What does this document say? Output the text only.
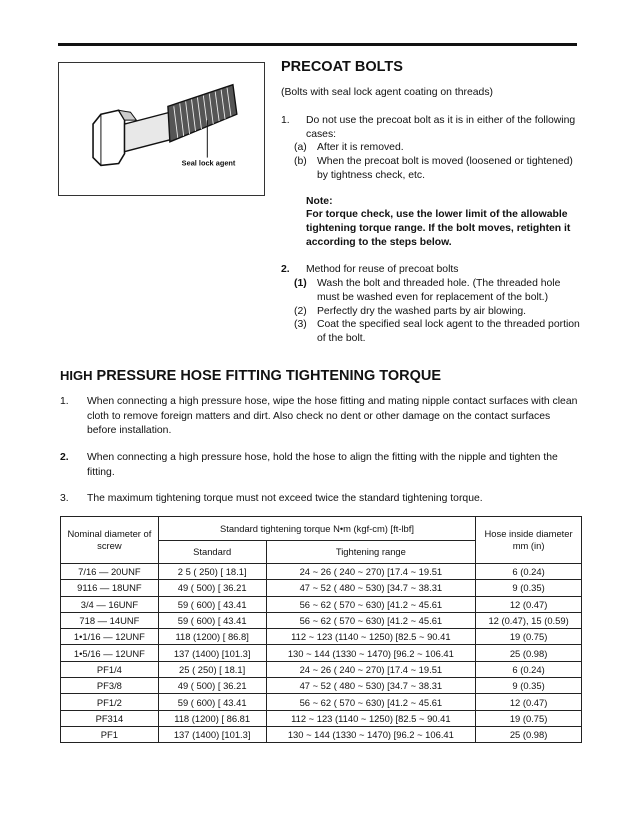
Seal lock agent
PRECOAT BOLTS
(Bolts with seal lock agent coating on threads)
1.	Do not use the precoat bolt as it is in either of the following cases:
(a) After it is removed.
(b) When the precoat bolt is moved (loosened or tightened) by tightness check, etc.

Note:

For torque check, use the lower limit of the allowable tightening torque range. If the bolt moves, retighten it according to the steps below.

2.	Method for reuse of precoat bolts
(1) Wash the bolt and threaded hole. (The threaded hole must be washed even for replacement of the bolt.)
(2) Perfectly dry the washed parts by air blowing.
(3) Coat the specified seal lock agent to the threaded portion of the bolt.
HIGH PRESSURE HOSE FITTING TIGHTENING TORQUE
1.	When connecting a high pressure hose, wipe the hose fitting and mating nipple contact surfaces with clean cloth to remove foreign matters and dirt. Also check no dent or other damage on the contact surfaces before installation.
2.	When connecting a high pressure hose, hold the hose to align the fitting with the nipple and tighten the fitting.
3.	The maximum tightening torque must not exceed twice the standard tightening torque.
Nominal diameter of screw	Standard tightening torque N•m (kgf-cm) [ft-lbf]		Hose inside diameter mm (in)
	Standard	Tightening range	
7/16 — 20UNF	2 5 ( 250) [ 18.1]	24 ~ 26 ( 240 ~ 270) [17.4 ~ 19.51	6 (0.24)
9116 — 18UNF	49 ( 500) [ 36.21	47 ~ 52 ( 480 ~ 530) [34.7 ~ 38.31	9 (0.35)
3/4 — 16UNF	59 ( 600) [ 43.41	56 ~ 62 ( 570 ~ 630) [41.2 ~ 45.61	12 (0.47)
718 — 14UNF	59 ( 600) [ 43.41	56 ~ 62 ( 570 ~ 630) [41.2 ~ 45.61	12 (0.47), 15 (0.59)
1•1/16 — 12UNF	118 (1200) [ 86.8]	112 ~ 123 (1140 ~ 1250) [82.5 ~ 90.41	19 (0.75)
1•5/16 — 12UNF	137 (1400) [101.3]	130 ~ 144 (1330 ~ 1470) [96.2 ~ 106.41	25 (0.98)
PF1/4	25 ( 250) [ 18.1]	24 ~ 26 ( 240 ~ 270) [17.4 ~ 19.51	6 (0.24)
PF3/8	49 ( 500) [ 36.21	47 ~ 52 ( 480 ~ 530) [34.7 ~ 38.31	9 (0.35)
PF1/2	59 ( 600) [ 43.41	56 ~ 62 ( 570 ~ 630) [41.2 ~ 45.61	12 (0.47)
PF314	118 (1200) [ 86.81	112 ~ 123 (1140 ~ 1250) [82.5 ~ 90.41	19 (0.75)
PF1	137 (1400) [101.3]	130 ~ 144 (1330 ~ 1470) [96.2 ~ 106.41	25 (0.98)
